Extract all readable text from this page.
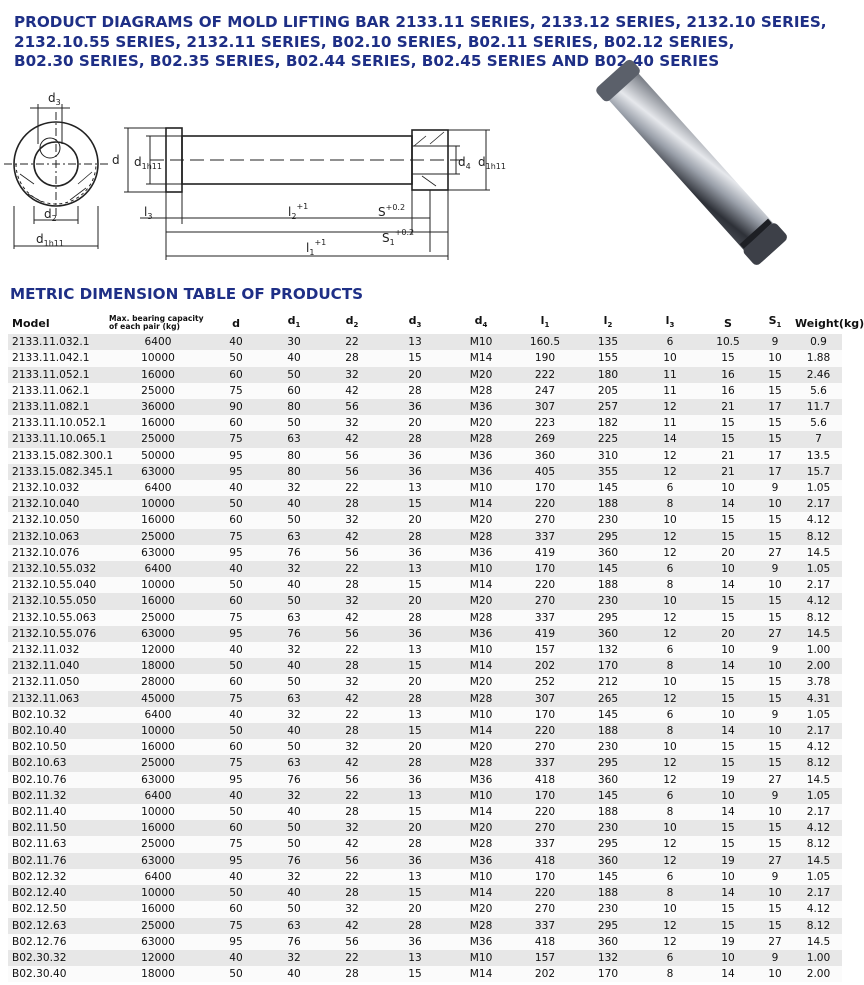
PRODUCT DIAGRAMS OF MOLD LIFTING BAR 2133.11 SERIES, 2133.12 SERIES, 2132.10 SERIES,
2132.10.55 SERIES, 2132.11 SERIES, B02.10 SERIES, B02.11 SERIES, B02.12 SERIES,
B02.30 SERIES, B02.35 SERIES, B02.44 SERIES, B02.45 SERIES AND B02.40 SERIES
$d_3$
$d_2$
$d_{1h11}$
d $d_{1h11}$	$d_4$ $d_{1h11}$
$l_3$	$l_2^{+1}$	$S^{+0.2}$
$S_1^{+0.2}$
$l_1^{+1}$
METRIC DIMENSION TABLE OF PRODUCTS
Model	Max. bearing capacity of each pair (kg)	d	$d_1$	$d_2$	$d_3$	$d_4$	$l_1$	$l_2$	$l_3$	S	$S_1$	Weight(kg)
2133.11.032.1	6400	40	30	22	13	M10	160.5	135	6	10.5	9	0.9
2133.11.042.1	10000	50	40	28	15	M14	190	155	10	15	10	1.88
2133.11.052.1	16000	60	50	32	20	M20	222	180	11	16	15	2.46
2133.11.062.1	25000	75	60	42	28	M28	247	205	11	16	15	5.6
2133.11.082.1	36000	90	80	56	36	M36	307	257	12	21	17	11.7
2133.11.10.052.1	16000	60	50	32	20	M20	223	182	11	15	15	5.6
2133.11.10.065.1	25000	75	63	42	28	M28	269	225	14	15	15	7
2133.15.082.300.1	50000	95	80	56	36	M36	360	310	12	21	17	13.5
2133.15.082.345.1	63000	95	80	56	36	M36	405	355	12	21	17	15.7
2132.10.032	6400	40	32	22	13	M10	170	145	6	10	9	1.05
2132.10.040	10000	50	40	28	15	M14	220	188	8	14	10	2.17
2132.10.050	16000	60	50	32	20	M20	270	230	10	15	15	4.12
2132.10.063	25000	75	63	42	28	M28	337	295	12	15	15	8.12
2132.10.076	63000	95	76	56	36	M36	419	360	12	20	27	14.5
2132.10.55.032	6400	40	32	22	13	M10	170	145	6	10	9	1.05
2132.10.55.040	10000	50	40	28	15	M14	220	188	8	14	10	2.17
2132.10.55.050	16000	60	50	32	20	M20	270	230	10	15	15	4.12
2132.10.55.063	25000	75	63	42	28	M28	337	295	12	15	15	8.12
2132.10.55.076	63000	95	76	56	36	M36	419	360	12	20	27	14.5
2132.11.032	12000	40	32	22	13	M10	157	132	6	10	9	1.00
2132.11.040	18000	50	40	28	15	M14	202	170	8	14	10	2.00
2132.11.050	28000	60	50	32	20	M20	252	212	10	15	15	3.78
2132.11.063	45000	75	63	42	28	M28	307	265	12	15	15	4.31
B02.10.32	6400	40	32	22	13	M10	170	145	6	10	9	1.05
B02.10.40	10000	50	40	28	15	M14	220	188	8	14	10	2.17
B02.10.50	16000	60	50	32	20	M20	270	230	10	15	15	4.12
B02.10.63	25000	75	63	42	28	M28	337	295	12	15	15	8.12
B02.10.76	63000	95	76	56	36	M36	418	360	12	19	27	14.5
B02.11.32	6400	40	32	22	13	M10	170	145	6	10	9	1.05
B02.11.40	10000	50	40	28	15	M14	220	188	8	14	10	2.17
B02.11.50	16000	60	50	32	20	M20	270	230	10	15	15	4.12
B02.11.63	25000	75	50	42	28	M28	337	295	12	15	15	8.12
B02.11.76	63000	95	76	56	36	M36	418	360	12	19	27	14.5
B02.12.32	6400	40	32	22	13	M10	170	145	6	10	9	1.05
B02.12.40	10000	50	40	28	15	M14	220	188	8	14	10	2.17
B02.12.50	16000	60	50	32	20	M20	270	230	10	15	15	4.12
B02.12.63	25000	75	63	42	28	M28	337	295	12	15	15	8.12
B02.12.76	63000	95	76	56	36	M36	418	360	12	19	27	14.5
B02.30.32	12000	40	32	22	13	M10	157	132	6	10	9	1.00
B02.30.40	18000	50	40	28	15	M14	202	170	8	14	10	2.00
